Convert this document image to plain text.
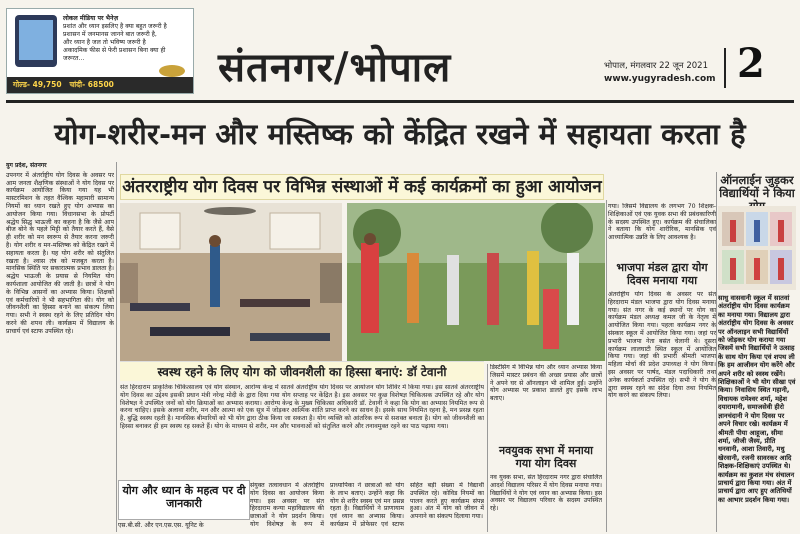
लोकल मीडिया पर भैनेज़
प्रशांत और ध्यान इसलिए है क्या बहुत जरूरी है
प्रशासन में जनमानस जानने बात जरूरी है,
और ध्यान है जल तो भविष्य जरूरी है
अकादमिक फीस से फेरी प्रशासन बिना क्या ही
जरूरत...
गोल्ड- 49,750 चांदी- 68500	संतनगर/भोपाल	भोपाल, मंगलवार 22 जून 2021
www.yugyradesh.com 2
योग-शरीर-मन और मस्तिष्क को केंद्रित रखने में सहायता करता है
युग प्रदेश, संतनगर
उपनगर में अंतर्राष्ट्रीय योग दिवस के अवसर पर आम जनता शैक्षणिक संस्थाओं ने योग दिवस पर कार्यक्रम आयोजित किया गया यह भी मास्टरमिशन के तहत वैश्विक महामारी सामान्य नियमों का ध्यान रखते हुए योग अभ्यास का आयोजन किया गया। विधानसभा के प्रोपर्टी श्रद्धेय सिद्ध भाऊजी का कहना है कि जैसे आप बीज बोने के पहले मिट्टी को तैयार करते हैं, वैसे ही शरीर को मन स्वरूप से तैयार करना जरूरी है। योग शरीर व मन-मस्तिष्क को केंद्रित रखने में सहायता करता है। यह योग शरीर को संतुलित रखता है। श्वास तंत्र को मजबूत करता है। मानसिक स्थिति पर सकारात्मक प्रभाव डालता है। श्रद्धेय भाऊजी के प्रयास से नियमित योग कार्यशाला आयोजित की जाती है। छात्रों ने योग के विभिन्न आसनों का अभ्यास किया। शिक्षकों एवं कर्मचारियों ने भी सहभागिता की। योग को जीवनशैली का हिस्सा बनाने का संकल्प लिया गया। सभी ने स्वस्थ रहने के लिए प्रतिदिन योग करने की शपथ ली। कार्यक्रम में विद्यालय के प्राचार्य एवं स्टाफ उपस्थित रहे।
अंतरराष्ट्रीय योग दिवस पर विभिन्न संस्थाओं में कई कार्यक्रमों का हुआ आयोजन
स्वस्थ रहने के लिए योग को जीवनशैली का हिस्सा बनाएं: डॉ टेवानी
संत हिरदाराम प्राकृतिक चिकित्सालय एवं योग संस्थान, आरोग्य केन्द्र में सातवें अंतर्राष्ट्रीय योग दिवस पर आयोजन योग शिविर में किया गया। इस सातवें अंतरराष्ट्रीय योग दिवस का उद्देश्य इसकी प्रधान मंत्री नरेन्द्र मोदी के द्वारा दिया गया योग सप्ताह पर केंद्रित है। इस अवसर पर कुछ विशेषज्ञ चिकित्सक उपस्थित रहे और योग विशेषज्ञ ने उपस्थित जनों को योग क्रियाओं का अभ्यास कराया। आरोग्य केन्द्र के मुख्य चिकित्सा अधिकारी डॉ. टेवानी ने कहा कि योग का अभ्यास नियमित रूप से करना चाहिए। इसके अलावा शरीर, मन और आत्मा को एक सूत्र में जोड़कर आत्मिक शांति प्राप्त करने का साधन है। इसके साथ नियमित रहना है, मन प्रसन्न रहता है, बुद्धि स्वस्थ रहती है। मानसिक बीमारियों को भी योग द्वारा ठीक किया जा सकता है। योग व्यक्ति को आंतरिक रूप से सशक्त बनाता है। योग को जीवनशैली का हिस्सा बनाकर ही हम स्वस्थ रह सकते हैं। योग के माध्यम से शरीर, मन और भावनाओं को संतुलित करने और तनावमुक्त रहने का पाठ पढ़ाया गया।
योग और ध्यान के महत्व पर दी जानकारी
एस.बी.सी. और एन.एस.एस. यूनिट के
संयुक्त तत्वावधान में अंतर्राष्ट्रीय योग दिवस का आयोजन किया गया। इस अवसर पर संत हिरदाराम कन्या महाविद्यालय की छात्राओं ने योग प्रदर्शन किया। योग विशेषज्ञ के रूप में प्राध्यापिका ने छात्राओं को योग के लाभ बताए। उन्होंने कहा कि योग से शरीर स्वस्थ एवं मन प्रसन्न रहता है। विद्यार्थियों ने प्राणायाम एवं ध्यान का अभ्यास किया। कार्यक्रम में प्रोफेसर एवं स्टाफ सहित बड़ी संख्या में विद्यार्थी उपस्थित रहे। कोविड नियमों का पालन करते हुए कार्यक्रम संपन्न हुआ। अंत में योग को जीवन में अपनाने का संकल्प दिलाया गया।
डिस्टेंसिंग में विभिन्न योग और ध्यान अभ्यास किया जिसमें मास्टर प्रबंधन की अच्छा प्रयास और छात्रों ने अपने घर से ऑनलाइन भी शामिल हुईं। उन्होंने योग अभ्यास पर प्रकाश डालते हुए इसके लाभ बताए।
नवयुवक सभा में मनाया गया योग दिवस
नव युवक सभा, संत हिरदाराम नगर द्वारा संचालित आदर्श विद्यालय परिसर में योग दिवस मनाया गया। विद्यार्थियों ने योग एवं ध्यान का अभ्यास किया। इस अवसर पर विद्यालय परिवार के सदस्य उपस्थित रहे।
गया। जिसमें विद्यालय के लगभग 70 शिक्षक-शिक्षिकाओं एवं एक युवक सभा की प्रबंधकारिणी के सदस्य उपस्थित हुए। कार्यक्रम की संचालिका ने बताया कि योग शारीरिक, मानसिक एवं आध्यात्मिक उन्नति के लिए आवश्यक है।
भाजपा मंडल द्वारा योग दिवस मनाया गया
अंतर्राष्ट्रीय योग दिवस के अवसर पर संत हिरदाराम मंडल भाजपा द्वारा योग दिवस मनाया गया। संत नगर के कई स्थानों पर योग का कार्यक्रम मंडल अध्यक्ष कमल जी के नेतृत्व में आयोजित किया गया। पहला कार्यक्रम नगर के संस्कार स्कूल में आयोजित किया गया। जहां पर प्रभारी भाजपा नेता बसंत चेलानी थे। दूसरा कार्यक्रम लालघाटी स्थित स्कूल में आयोजित किया गया। जहां की प्रभारी श्रीमती भाजपा महिला मोर्चा की प्रदेश उपाध्यक्ष ने योग किया। इस अवसर पर पार्षद, मंडल पदाधिकारी तथा अनेक कार्यकर्ता उपस्थित रहे। सभी ने योग के द्वारा स्वस्थ रहने का संदेश दिया तथा नियमित योग करने का संकल्प लिया।
ऑनलाईन जुड़कर विद्यार्थियों ने किया
साधु वासवानी स्कूल में सातवां अंतर्राष्ट्रीय योग दिवस कार्यक्रम का मनाया गया। विद्यालय द्वारा अंतर्राष्ट्रीय योग दिवस के अवसर पर ऑनलाइन सभी विद्यार्थियों को जोड़कर योग कराया गया जिसमें सभी विद्यार्थियों ने उत्साह के साथ योग किया एवं शपथ ली कि हम आजीवन योग करेंगे और अपने शरीर को स्वस्थ रखेंगे। शिक्षिकाओं ने भी योग सीखा एवं किया। निवासिय स्थित गहानी, विधायक रामेश्वर शर्मा, महेश दयारामानी, समाजसेवी हीरो ज्ञानचंदानी ने योग दिवस पर अपने विचार रखे। कार्यक्रम में श्रीमती पीया आहूजा, सीमा शर्मा, जीजी जैस्य, प्रीति धनवानी, आशा तिवारी, मधु खेरवानी, रजनी सावरकर आदि शिक्षक-शिक्षिकाएं उपस्थित थे। कार्यक्रम का कुशल मंच संचालन प्राचार्य द्वारा किया गया। अंत में प्राचार्य द्वारा आए हुए अतिथियों का आभार प्रदर्शन किया गया।
